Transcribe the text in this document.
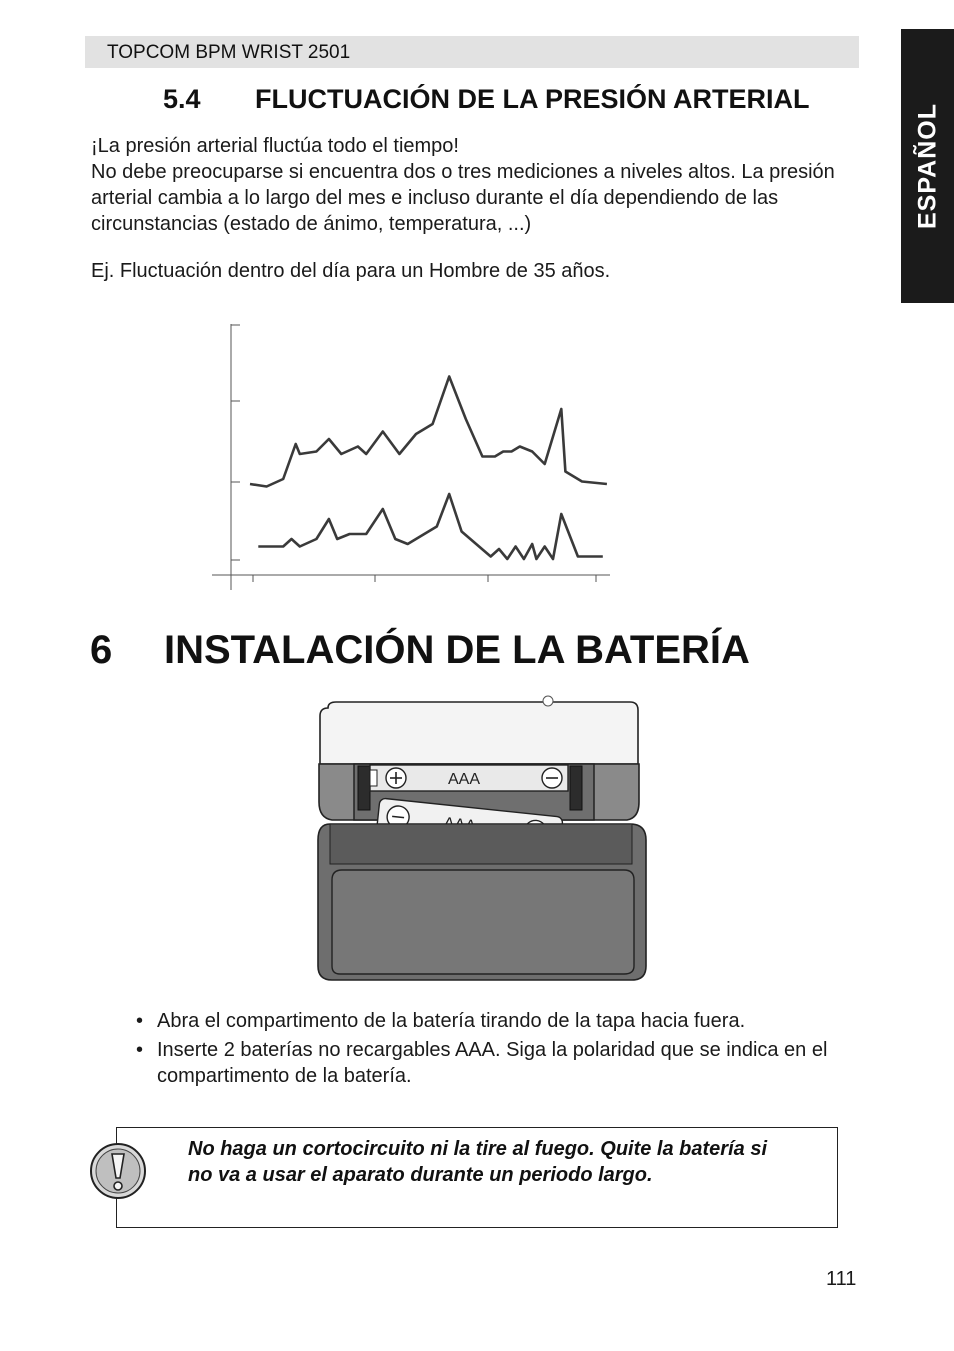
TOPCOM BPM WRIST 2501
ESPAÑOL
5.4 FLUCTUACIÓN DE LA PRESIÓN ARTERIAL

¡La presión arterial fluctúa todo el tiempo!

No debe preocuparse si encuentra dos o tres mediciones a niveles altos. La presión arterial cambia a lo largo del mes e incluso durante el día dependiendo de las circunstancias (estado de ánimo, temperatura, ...)

Ej. Fluctuación dentro del día para un Hombre de 35 años.
6 INSTALACIÓN DE LA BATERÍA
AAA
• Abra el compartimento de la batería tirando de la tapa hacia fuera.
• Inserte 2 baterías no recargables AAA. Siga la polaridad que se indica en el compartimento de la batería.
No haga un cortocircuito ni la tire al fuego. Quite la batería si no va a usar el aparato durante un periodo largo.
111
